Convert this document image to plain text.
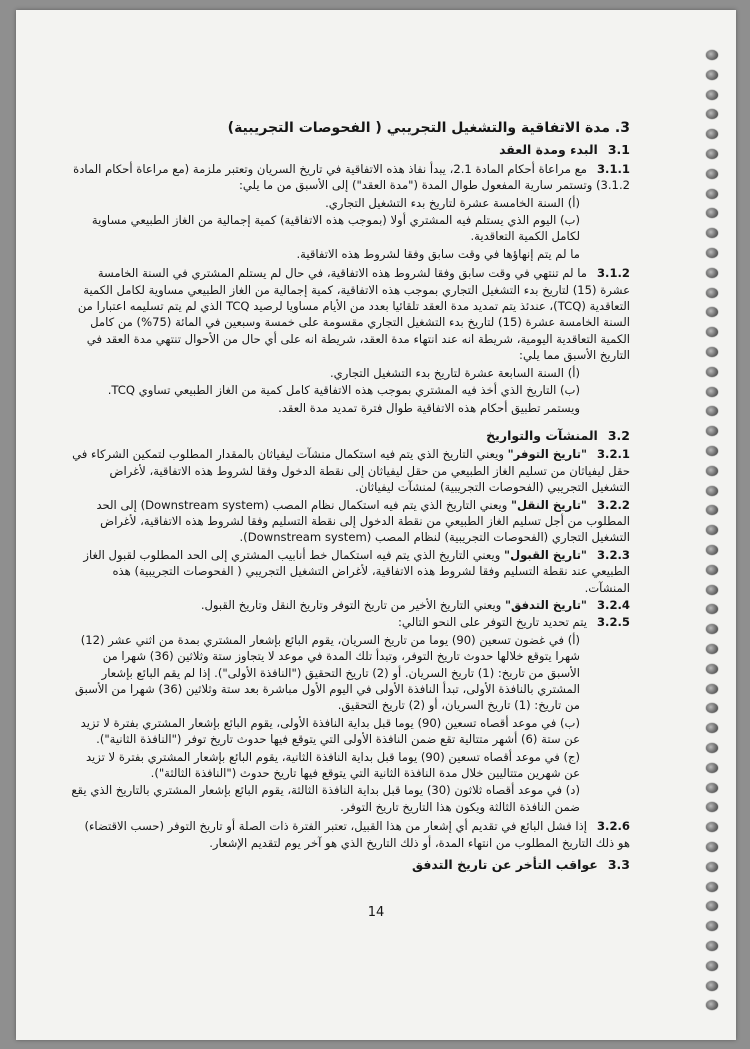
3. مدة الاتفاقية والتشغيل التجريبي ( الفحوصات التجريبية)
3.1البدء ومدة العقد
3.1.1مع مراعاة أحكام المادة 2.1، يبدأ نفاذ هذه الاتفاقية في تاريخ السريان وتعتبر ملزمة (مع مراعاة أحكام المادة 3.1.2) وتستمر سارية المفعول طوال المدة ("مدة العقد") إلى الأسبق من ما يلي:
(أ) السنة الخامسة عشرة لتاريخ بدء التشغيل التجاري.
(ب) اليوم الذي يستلم فيه المشتري أولا (بموجب هذه الاتفاقية) كمية إجمالية من الغاز الطبيعي مساوية لكامل الكمية التعاقدية.
ما لم يتم إنهاؤها في وقت سابق وفقا لشروط هذه الاتفاقية.
3.1.2ما لم تنتهي في وقت سابق وفقا لشروط هذه الاتفاقية، في حال لم يستلم المشتري في السنة الخامسة عشرة (15) لتاريخ بدء التشغيل التجاري بموجب هذه الاتفاقية، كمية إجمالية من الغاز الطبيعي مساوية لكامل الكمية التعاقدية (TCQ)، عندئذ يتم تمديد مدة العقد تلقائيا بعدد من الأيام مساويا لرصيد TCQ الذي لم يتم تسليمه اعتبارا من السنة الخامسة عشرة (15) لتاريخ بدء التشغيل التجاري مقسومة على خمسة وسبعين في المائة (75%) من كامل الكمية التعاقدية اليومية، شريطة انه عند انتهاء مدة العقد، شريطة انه على أي حال من الأحوال تنتهي مدة العقد في التاريخ الأسبق مما يلي:
(أ) السنة السابعة عشرة لتاريخ بدء التشغيل التجاري.
(ب) التاريخ الذي أخذ فيه المشتري بموجب هذه الاتفاقية كامل كمية من الغاز الطبيعي تساوي TCQ.
ويستمر تطبيق أحكام هذه الاتفاقية طوال فترة تمديد مدة العقد.
3.2المنشآت والتواريخ
3.2.1"تاريخ التوفر" ويعني التاريخ الذي يتم فيه استكمال منشآت ليفياثان بالمقدار المطلوب لتمكين الشركاء في حقل ليفياثان من تسليم الغاز الطبيعي من حقل ليفياثان إلى نقطة الدخول وفقا لشروط هذه الاتفاقية، لأغراض التشغيل التجريبي (الفحوصات التجريبية) لمنشآت ليفياثان.
3.2.2"تاريخ النقل" ويعني التاريخ الذي يتم فيه استكمال نظام المصب (Downstream system) إلى الحد المطلوب من أجل تسليم الغاز الطبيعي من نقطة الدخول إلى نقطة التسليم وفقا لشروط هذه الاتفاقية، لأغراض التشغيل التجاري (الفحوصات التجريبية) لنظام المصب (Downstream system).
3.2.3"تاريخ القبول" ويعني التاريخ الذي يتم فيه استكمال خط أنابيب المشتري إلى الحد المطلوب لقبول الغاز الطبيعي عند نقطة التسليم وفقا لشروط هذه الاتفاقية، لأغراض التشغيل التجريبي ( الفحوصات التجريبية) هذه المنشآت.
3.2.4"تاريخ التدفق" ويعني التاريخ الأخير من تاريخ التوفر وتاريخ النقل وتاريخ القبول.
3.2.5يتم تحديد تاريخ التوفر على النحو التالي:
(أ) في غضون تسعين (90) يوما من تاريخ السريان، يقوم البائع بإشعار المشتري بمدة من اثني عشر (12) شهرا يتوقع خلالها حدوث تاريخ التوفر، وتبدأ تلك المدة في موعد لا يتجاوز ستة وثلاثين (36) شهرا من الأسبق من تاريخ: (1) تاريخ السريان. أو (2) تاريخ التحقيق ("النافذة الأولى"). إذا لم يقم البائع بإشعار المشتري بالنافذة الأولى، تبدأ النافذة الأولى في اليوم الأول مباشرة بعد ستة وثلاثين (36) شهرا من الأسبق من تاريخ: (1) تاريخ السريان، أو (2) تاريخ التحقيق.
(ب) في موعد أقصاه تسعين (90) يوما قبل بداية النافذة الأولى، يقوم البائع بإشعار المشتري بفترة لا تزيد عن ستة (6) أشهر متتالية تقع ضمن النافذة الأولى التي يتوقع فيها حدوث تاريخ توفر ("النافذة الثانية").
(ج) في موعد أقصاه تسعين (90) يوما قبل بداية النافذة الثانية، يقوم البائع بإشعار المشتري بفترة لا تزيد عن شهرين متتاليين خلال مدة النافذة الثانية التي يتوقع فيها تاريخ حدوث ("النافذة الثالثة").
(د) في موعد أقصاه ثلاثون (30) يوما قبل بداية النافذة الثالثة، يقوم البائع بإشعار المشتري بالتاريخ الذي يقع ضمن النافذة الثالثة ويكون هذا التاريخ تاريخ التوفر.
3.2.6إذا فشل البائع في تقديم أي إشعار من هذا القبيل، تعتبر الفترة ذات الصلة أو تاريخ التوفر (حسب الاقتضاء) هو ذلك التاريخ المطلوب من انتهاء المدة، أو ذلك التاريخ الذي هو آخر يوم لتقديم الإشعار.
3.3عواقب التأخر عن تاريخ التدفق
14
